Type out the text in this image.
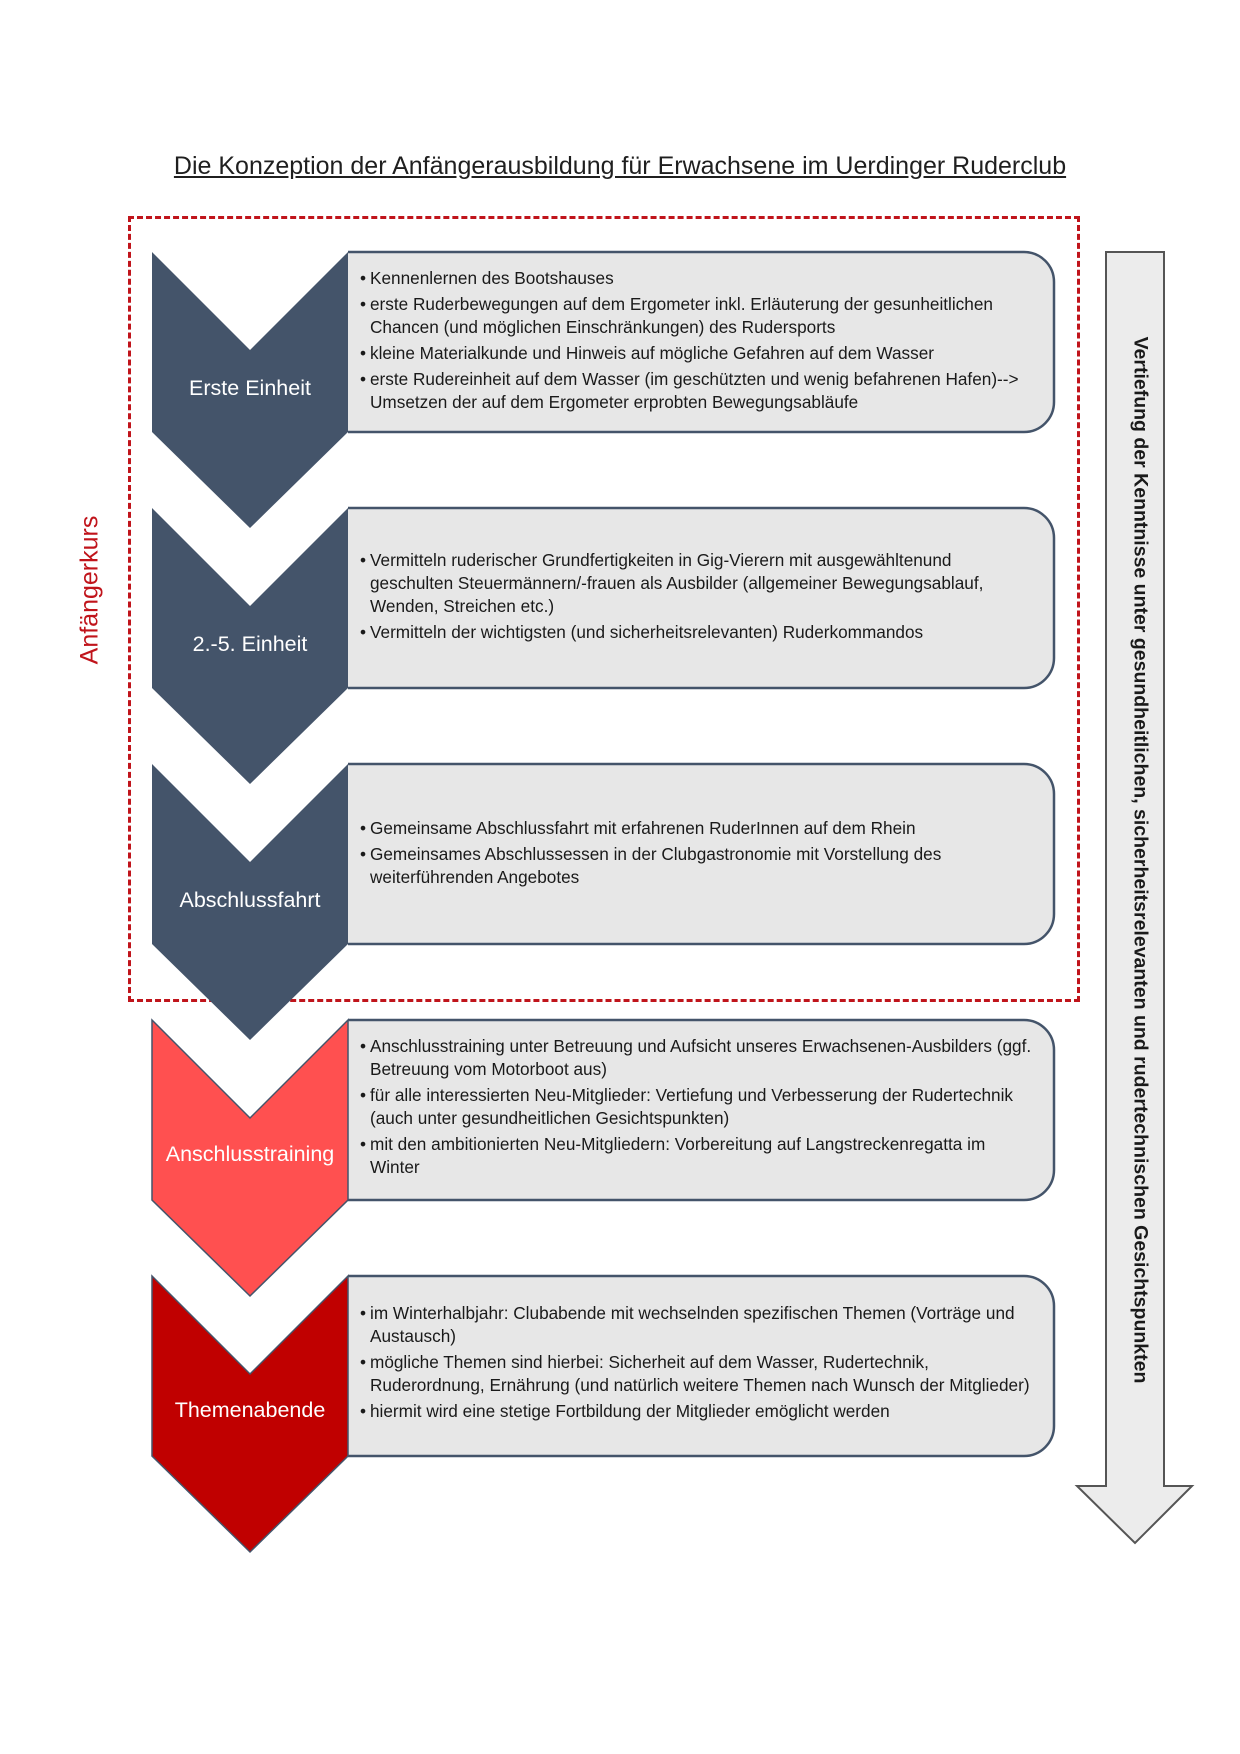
Die Konzeption der Anfängerausbildung für Erwachsene im Uerdinger Ruderclub
Anfängerkurs
• Kennenlernen des Bootshauses
• erste Ruderbewegungen auf dem Ergometer inkl. Erläuterung der gesunheitlichen Chancen (und möglichen Einschränkungen) des Rudersports
• kleine Materialkunde und Hinweis auf mögliche Gefahren auf dem Wasser
• erste Rudereinheit auf dem Wasser (im geschützten und wenig befahrenen Hafen)--> Umsetzen der auf dem Ergometer erprobten Bewegungsabläufe
Erste Einheit
• Vermitteln ruderischer Grundfertigkeiten in Gig-Vierern mit ausgewähltenund geschulten Steuermännern/-frauen als Ausbilder (allgemeiner Bewegungsablauf, Wenden, Streichen etc.)
• Vermitteln der wichtigsten (und sicherheitsrelevanten) Ruderkommandos
2.-5. Einheit
• Gemeinsame Abschlussfahrt mit erfahrenen RuderInnen auf dem Rhein
• Gemeinsames Abschlussessen in der Clubgastronomie mit Vorstellung des weiterführenden Angebotes
Abschlussfahrt
• Anschlusstraining unter Betreuung und Aufsicht unseres Erwachsenen-Ausbilders (ggf. Betreuung vom Motorboot aus)
• für alle interessierten Neu-Mitglieder: Vertiefung und Verbesserung der Rudertechnik (auch unter gesundheitlichen Gesichtspunkten)
• mit den ambitionierten Neu-Mitgliedern: Vorbereitung auf Langstreckenregatta im Winter
Anschlusstraining
• im Winterhalbjahr: Clubabende mit wechselnden spezifischen Themen (Vorträge und Austausch)
• mögliche Themen sind hierbei: Sicherheit auf dem Wasser, Rudertechnik, Ruderordnung, Ernährung (und natürlich weitere Themen nach Wunsch der Mitglieder)
• hiermit wird eine stetige Fortbildung der Mitglieder emöglicht werden
Themenabende
Vertiefung der Kenntnisse unter gesundheitlichen, sicherheitsrelevanten und rudertechnischen Gesichtspunkten
